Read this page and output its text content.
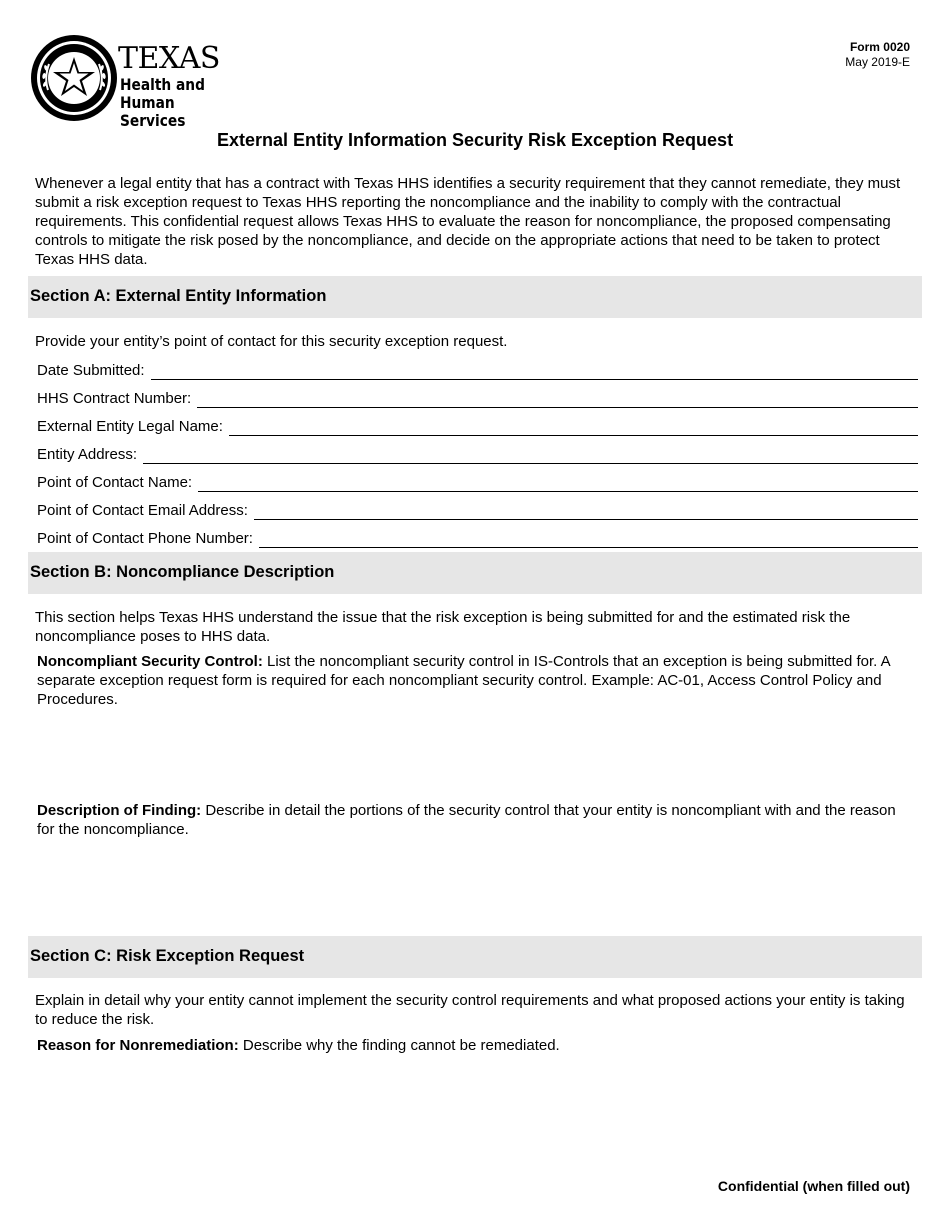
TEXAS
Health and Human
Services
Form 0020
May 2019-E
External Entity Information Security Risk Exception Request
Whenever a legal entity that has a contract with Texas HHS identifies a security requirement that they cannot remediate, they must submit a risk exception request to Texas HHS reporting the noncompliance and the inability to comply with the contractual requirements. This confidential request allows Texas HHS to evaluate the reason for noncompliance, the proposed compensating controls to mitigate the risk posed by the noncompliance, and decide on the appropriate actions that need to be taken to protect Texas HHS data.
Section A: External Entity Information
Provide your entity’s point of contact for this security exception request.
Date Submitted:
HHS Contract Number:
External Entity Legal Name:
Entity Address:
Point of Contact Name:
Point of Contact Email Address:
Point of Contact Phone Number:
Section B: Noncompliance Description
This section helps Texas HHS understand the issue that the risk exception is being submitted for and the estimated risk the noncompliance poses to HHS data.
Noncompliant Security Control: List the noncompliant security control in IS-Controls that an exception is being submitted for. A separate exception request form is required for each noncompliant security control. Example: AC-01, Access Control Policy and Procedures.
Description of Finding: Describe in detail the portions of the security control that your entity is noncompliant with and the reason for the noncompliance.
Section C: Risk Exception Request
Explain in detail why your entity cannot implement the security control requirements and what proposed actions your entity is taking to reduce the risk.
Reason for Nonremediation: Describe why the finding cannot be remediated.
Confidential (when filled out)
